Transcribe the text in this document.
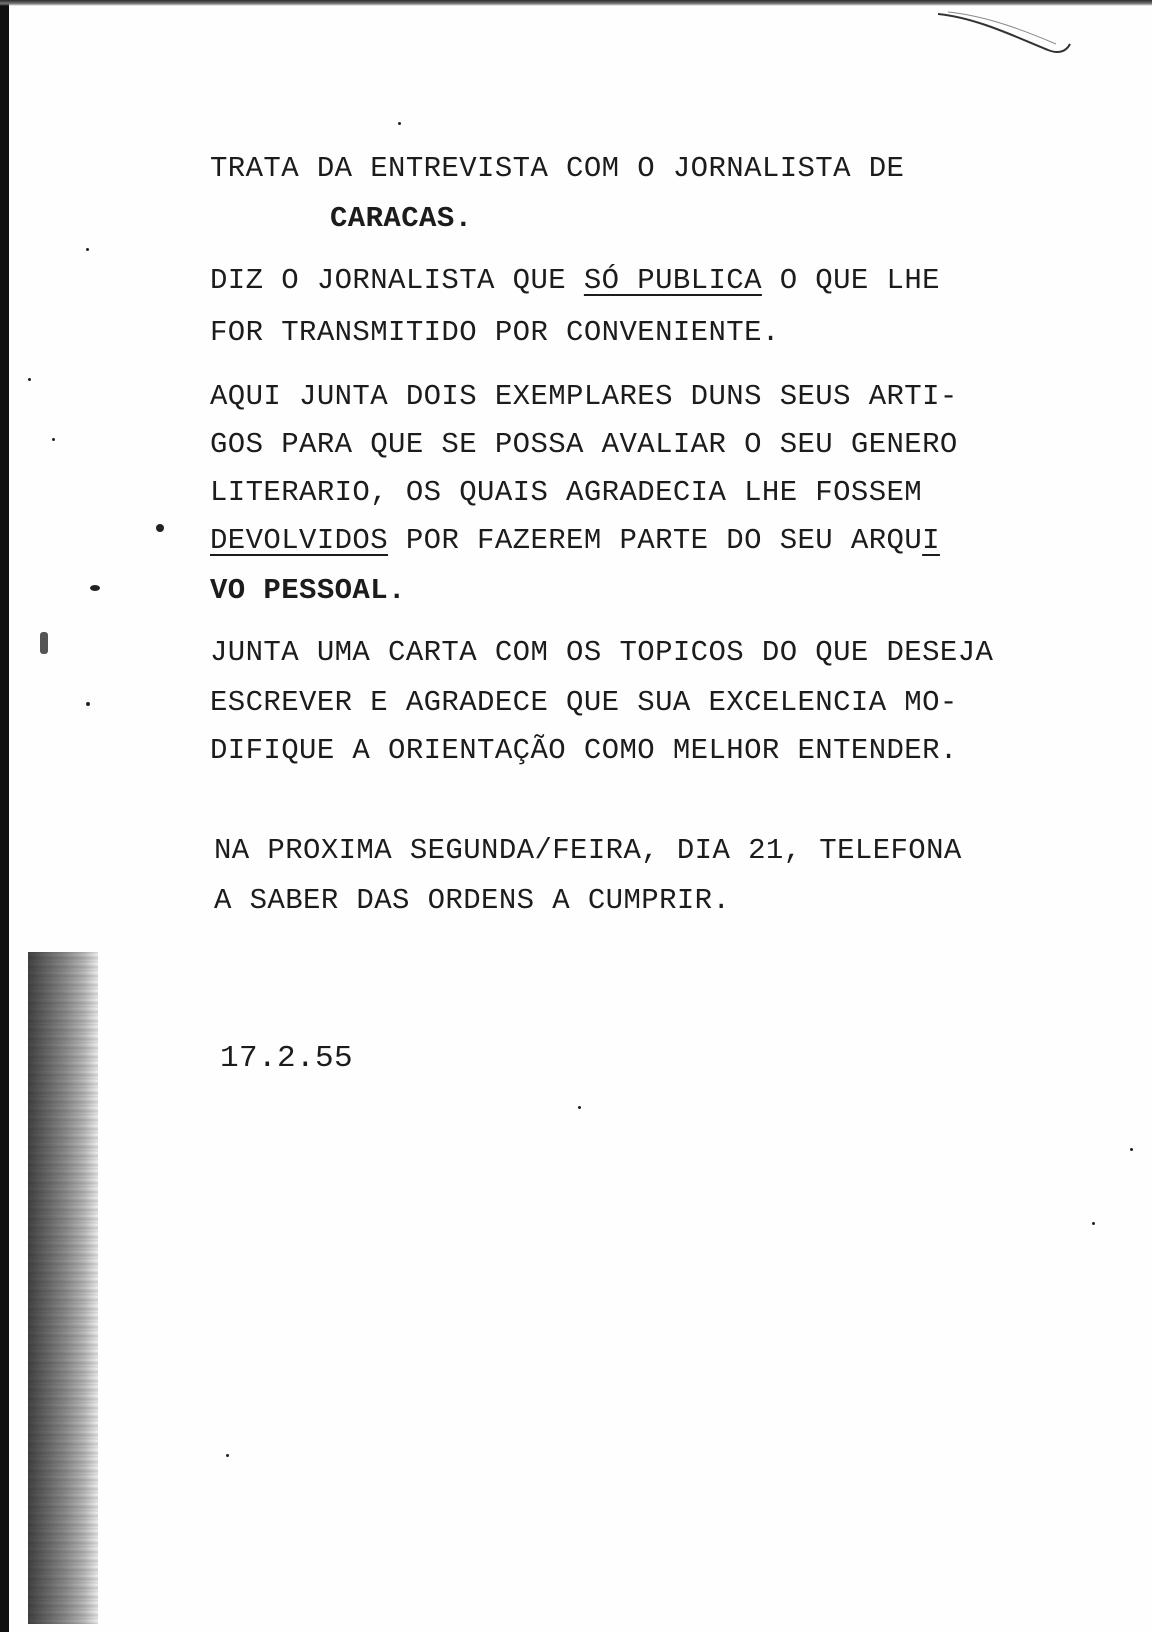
TRATA DA ENTREVISTA COM O JORNALISTA DE
CARACAS.
DIZ O JORNALISTA QUE SÓ PUBLICA O QUE LHE
FOR TRANSMITIDO POR CONVENIENTE.
AQUI JUNTA DOIS EXEMPLARES DUNS SEUS ARTI-
GOS PARA QUE SE POSSA AVALIAR O SEU GENERO
LITERARIO, OS QUAIS AGRADECIA LHE FOSSEM
DEVOLVIDOS POR FAZEREM PARTE DO SEU ARQUI
VO PESSOAL.
JUNTA UMA CARTA COM OS TOPICOS DO QUE DESEJA
ESCREVER E AGRADECE QUE SUA EXCELENCIA MO-
DIFIQUE A ORIENTAÇÃO COMO MELHOR ENTENDER.
NA PROXIMA SEGUNDA/FEIRA, DIA 21, TELEFONA
A SABER DAS ORDENS A CUMPRIR.
17.2.55
